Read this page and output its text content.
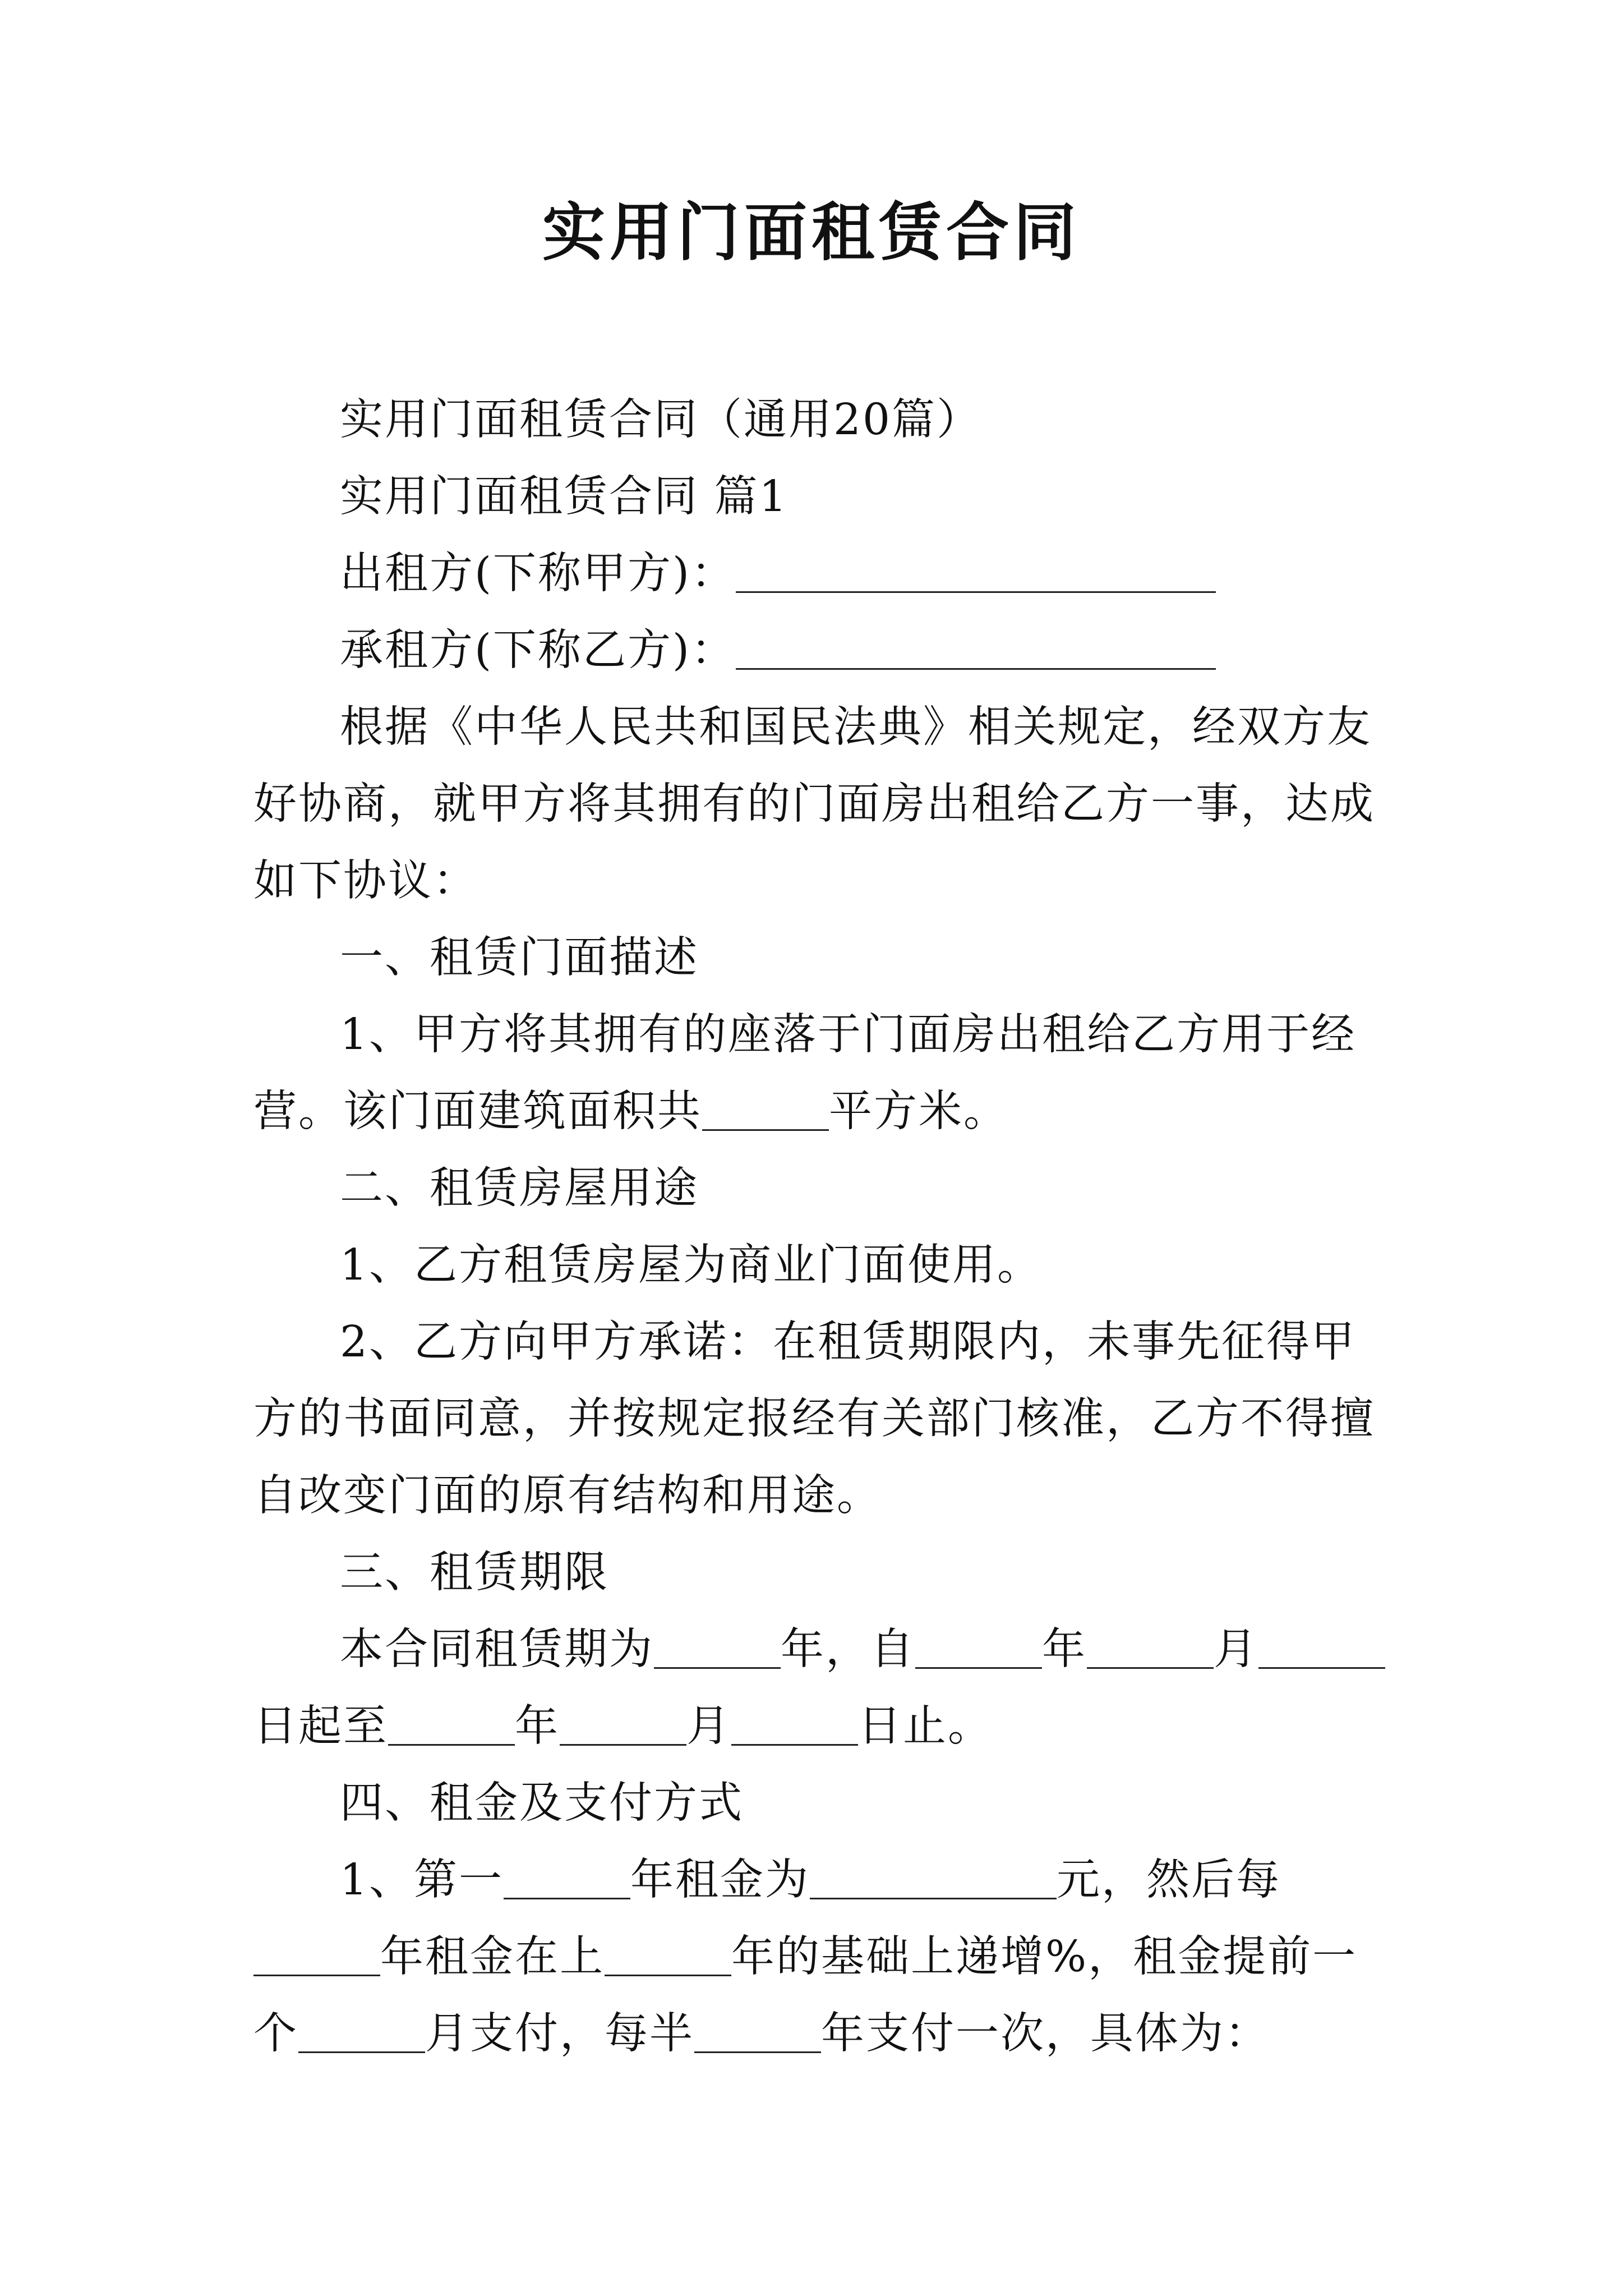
实用门面租赁合同

实用门面租赁合同（通用20篇）

实用门面租赁合同 篇1

出租方(下称甲方)：

承租方(下称乙方)：

根据《中华人民共和国民法典》相关规定，经双方友好协商，就甲方将其拥有的门面房出租给乙方一事，达成如下协议：

一、租赁门面描述

1、甲方将其拥有的座落于门面房出租给乙方用于经营。该门面建筑面积共	平方米。

二、租赁房屋用途

1、乙方租赁房屋为商业门面使用。

2、乙方向甲方承诺：在租赁期限内，未事先征得甲方的书面同意，并按规定报经有关部门核准，乙方不得擅自改变门面的原有结构和用途。

三、租赁期限

本合同租赁期为	年，自	年	月日起至	年	月	日止。

四、租金及支付方式

1、第一	年租金为	元，然后每年租金在上	年的基础上递增%，租金提前一个	月支付，每半	年支付一次，具体为：
